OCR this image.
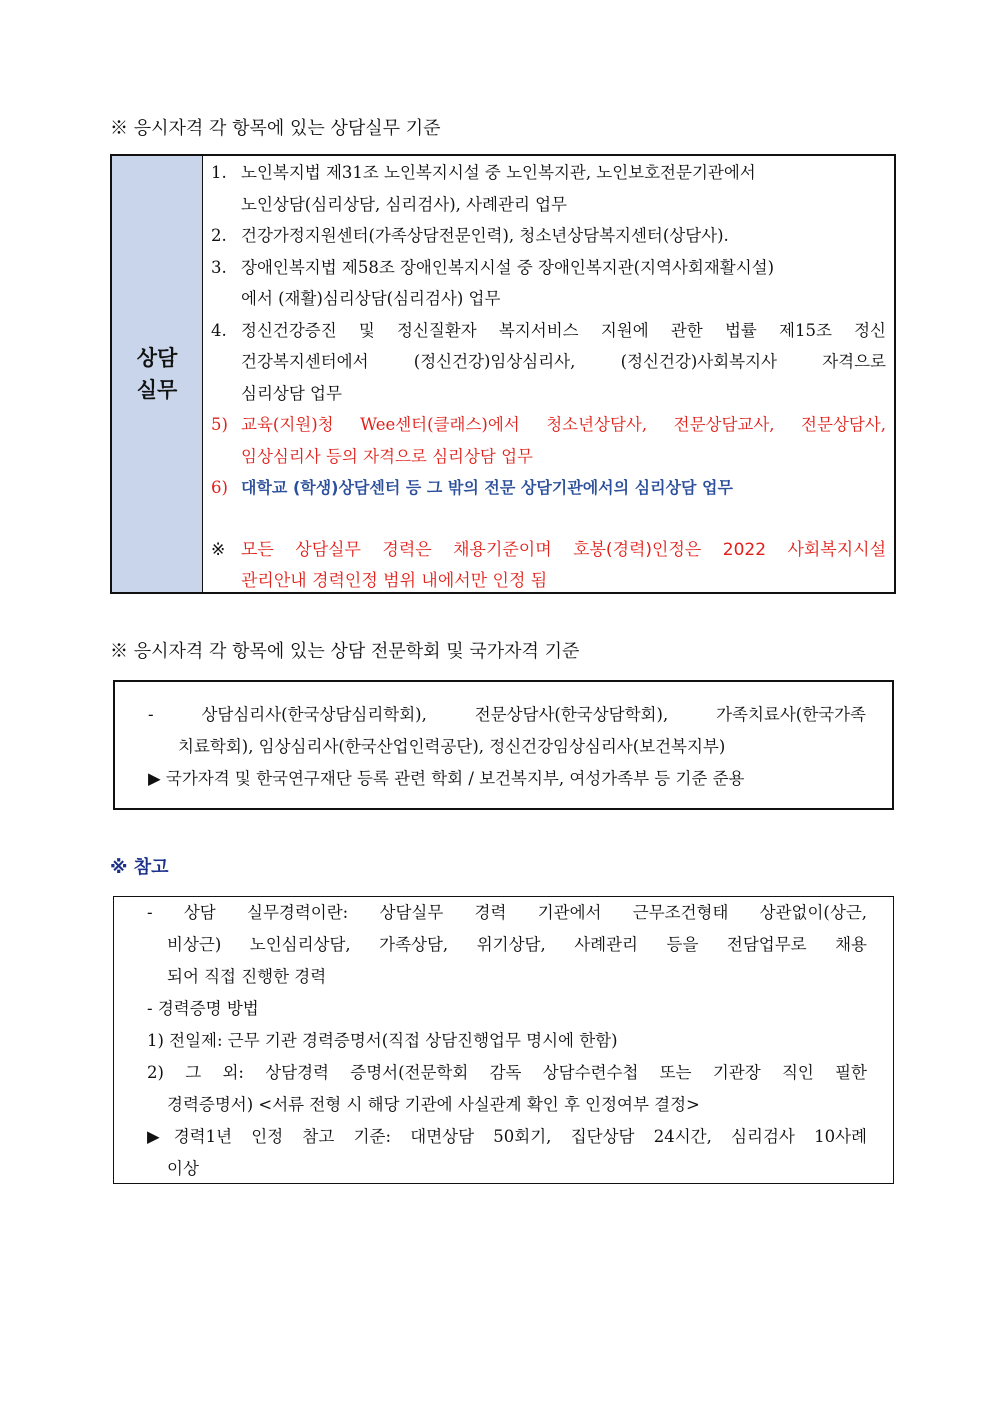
※ 응시자격 각 항목에 있는 상담실무 기준
상담
실무
1. 노인복지법 제31조 노인복지시설 중 노인복지관, 노인보호전문기관에서
노인상담(심리상담, 심리검사), 사례관리 업무
2. 건강가정지원센터(가족상담전문인력), 청소년상담복지센터(상담사).
3. 장애인복지법 제58조 장애인복지시설 중 장애인복지관(지역사회재활시설)
에서 (재활)심리상담(심리검사) 업무
4. 정신건강증진 및 정신질환자 복지서비스 지원에 관한 법률 제15조 정신
건강복지센터에서 (정신건강)임상심리사, (정신건강)사회복지사 자격으로
심리상담 업무
5) 교육(지원)청 Wee센터(클래스)에서 청소년상담사, 전문상담교사, 전문상담사,
임상심리사 등의 자격으로 심리상담 업무
6) 대학교 (학생)상담센터 등 그 밖의 전문 상담기관에서의 심리상담 업무
※ 모든 상담실무 경력은 채용기준이며 호봉(경력)인정은 2022 사회복지시설
관리안내 경력인정 범위 내에서만 인정 됨
※ 응시자격 각 항목에 있는 상담 전문학회 및 국가자격 기준
- 상담심리사(한국상담심리학회), 전문상담사(한국상담학회), 가족치료사(한국가족
치료학회), 임상심리사(한국산업인력공단), 정신건강임상심리사(보건복지부)
▶ 국가자격 및 한국연구재단 등록 관련 학회 / 보건복지부, 여성가족부 등 기준 준용
※ 참고
- 상담 실무경력이란: 상담실무 경력 기관에서 근무조건형태 상관없이(상근,
비상근) 노인심리상담, 가족상담, 위기상담, 사례관리 등을 전담업무로 채용
되어 직접 진행한 경력
- 경력증명 방법
1) 전일제: 근무 기관 경력증명서(직접 상담진행업무 명시에 한함)
2) 그 외: 상담경력 증명서(전문학회 감독 상담수련수첩 또는 기관장 직인 필한
경력증명서) <서류 전형 시 해당 기관에 사실관계 확인 후 인정여부 결정>
▶경력1년 인정 참고 기준: 대면상담 50회기, 집단상담 24시간, 심리검사 10사례
이상
